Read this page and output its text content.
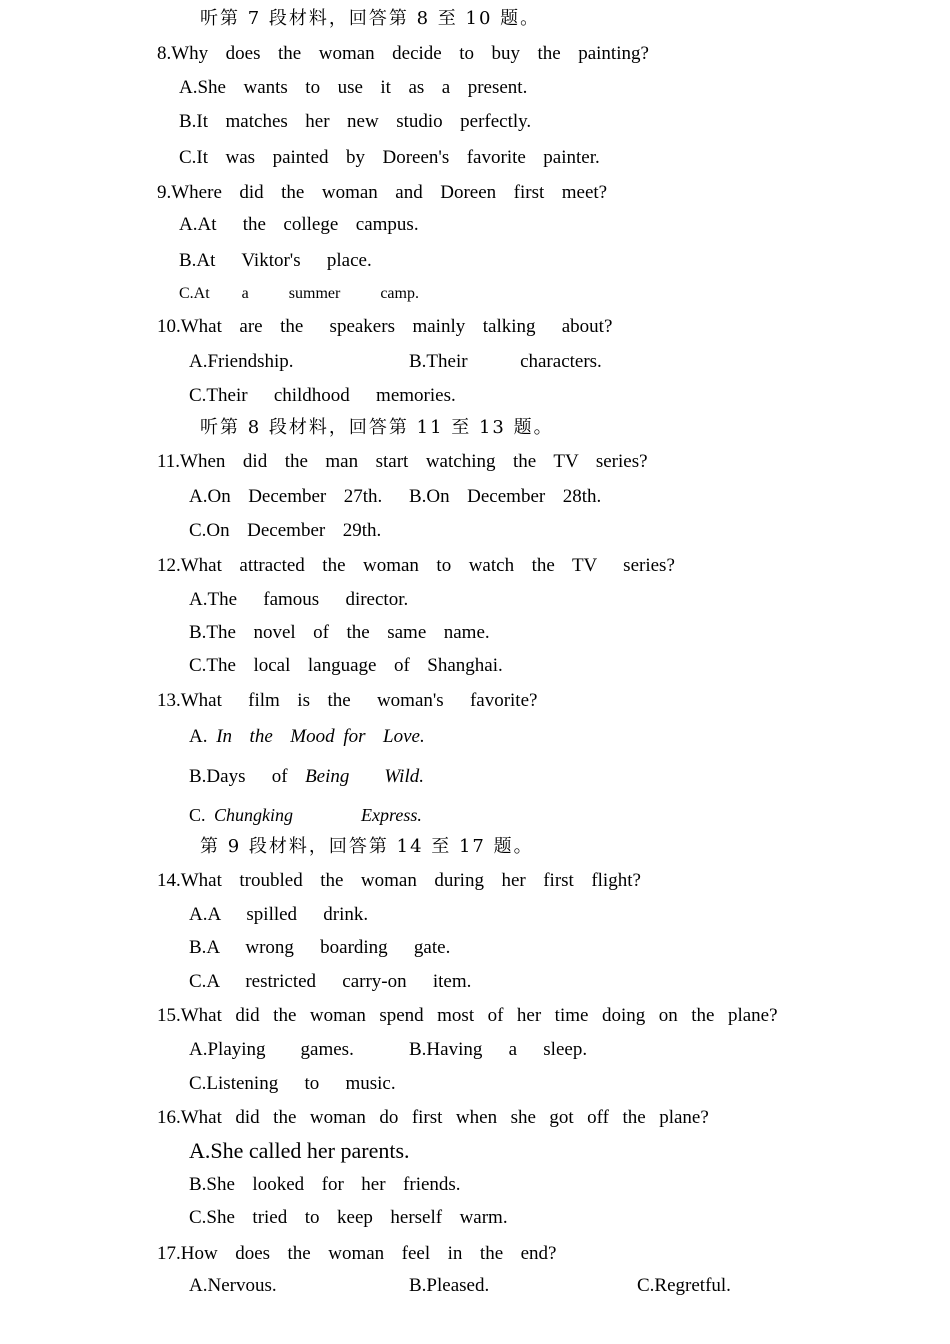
听第 7 段材料，回答第 8 至 10 题。
8.Why  does  the  woman  decide  to  buy  the  painting?
A.She  wants  to  use  it  as  a  present.
B.It  matches  her  new  studio  perfectly.
C.It  was  painted  by  Doreen's  favorite  painter.
9.Where  did  the  woman  and  Doreen  first  meet?
A.At   the  college  campus.
B.At   Viktor's   place.
C.At    a     summer     camp.
10.What  are  the   speakers  mainly  talking   about?
A.Friendship.	B.Their      characters.
C.Their   childhood   memories.
听第 8 段材料，回答第 11 至 13 题。
11.When  did  the  man  start  watching  the  TV  series?
A.On  December  27th. B.On  December  28th.
C.On  December  29th.
12.What  attracted  the  woman  to  watch  the  TV   series?
A.The   famous   director.
B.The  novel  of  the  same  name.
C.The  local  language  of  Shanghai.
13.What   film  is  the   woman's   favorite?
A. In  the  Mood for  Love.
B.Days   of  Being    Wild.
C. Chungking        Express.
第 9 段材料，回答第 14 至 17 题。
14.What  troubled  the  woman  during  her  first  flight?
A.A   spilled   drink.
B.A   wrong   boarding   gate.
C.A   restricted   carry-on   item.
15.What  did  the  woman  spend  most  of  her  time  doing  on  the  plane?
A.Playing    games.	B.Having   a   sleep.
C.Listening   to   music.
16.What  did  the  woman  do  first  when  she  got  off  the  plane?
A.She called her parents.
B.She  looked  for  her  friends.
C.She  tried  to  keep  herself  warm.
17.How  does  the  woman  feel  in  the  end?
A.Nervous.	B.Pleased.	C.Regretful.
